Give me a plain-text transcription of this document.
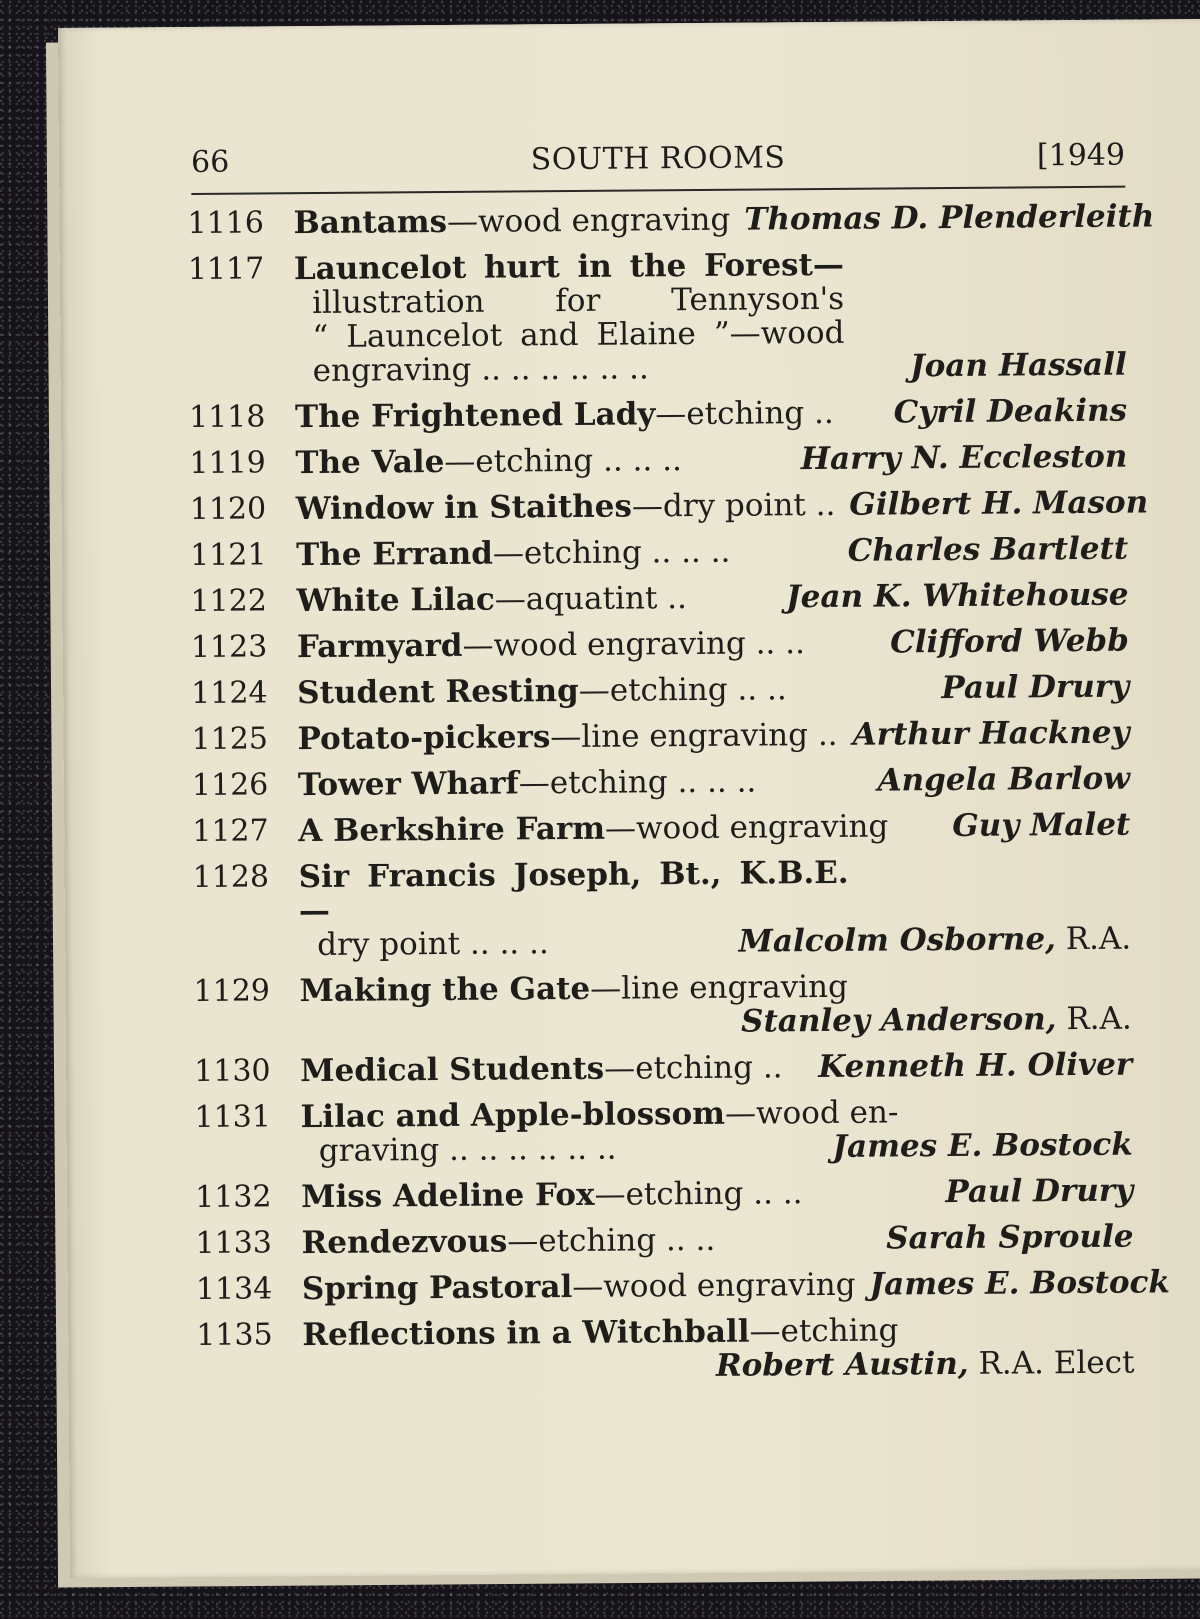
66	SOUTH ROOMS	[1949
1116 Bantams—wood engraving Thomas D. Plenderleith
1117 Launcelot hurt in the Forest—
illustration for Tennyson's
“ Launcelot and Elaine ”—wood
engraving .. .. .. .. .. ..	Joan Hassall
1118 The Frightened Lady—etching ..	Cyril Deakins
1119 The Vale—etching .. .. ..	Harry N. Eccleston
1120 Window in Staithes—dry point .. Gilbert H. Mason
1121 The Errand—etching .. .. ..	Charles Bartlett
1122 White Lilac—aquatint ..	Jean K. Whitehouse
1123 Farmyard—wood engraving .. ..	Clifford Webb
1124 Student Resting—etching .. ..	Paul Drury
1125 Potato-pickers—line engraving .. Arthur Hackney
1126 Tower Wharf—etching .. .. ..	Angela Barlow
1127 A Berkshire Farm—wood engraving	Guy Malet
1128 Sir Francis Joseph, Bt., K.B.E.—
dry point .. .. ..	Malcolm Osborne, R.A.
1129 Making the Gate—line engraving
Stanley Anderson, R.A.
1130 Medical Students—etching ..	Kenneth H. Oliver
1131 Lilac and Apple-blossom—wood en-
graving .. .. .. .. .. ..	James E. Bostock
1132 Miss Adeline Fox—etching .. ..	Paul Drury
1133 Rendezvous—etching .. ..	Sarah Sproule
1134 Spring Pastoral—wood engraving James E. Bostock
1135 Reflections in a Witchball—etching
Robert Austin, R.A. Elect
